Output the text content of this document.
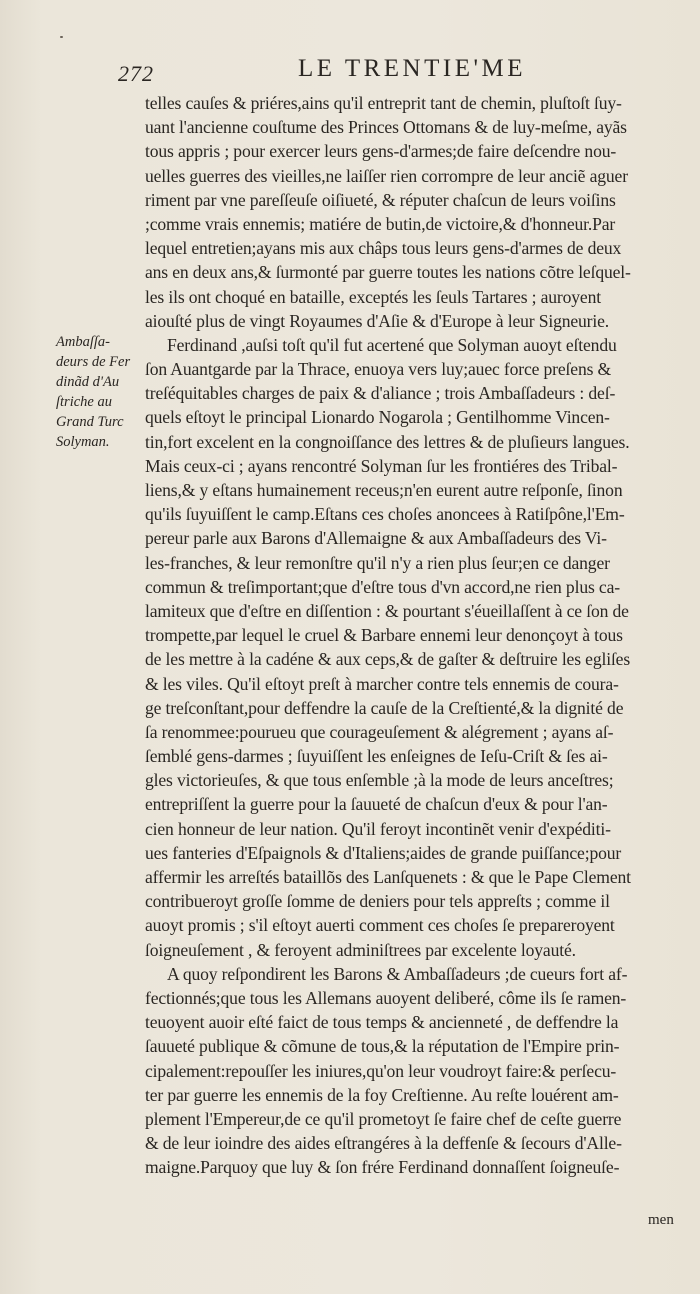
272	LE TRENTIE'ME
Ambaſſa-
deurs de Fer
dinãd d'Au
ſtriche au
Grand Turc
Solyman.
telles cauſes & priéres,ains qu'il entreprit tant de chemin, pluſtoſt ſuy-
uant l'ancienne couſtume des Princes Ottomans & de luy-meſme, ayãs
tous appris ; pour exercer leurs gens-d'armes;de faire deſcendre nou-
uelles guerres des vieilles,ne laiſſer rien corrompre de leur anciẽ aguer
riment par vne pareſſeuſe oiſiueté, & réputer chaſcun de leurs voiſins
;comme vrais ennemis; matiére de butin,de victoire,& d'honneur.Par
lequel entretien;ayans mis aux châps tous leurs gens-d'armes de deux
ans en deux ans,& ſurmonté par guerre toutes les nations cõtre leſquel-
les ils ont choqué en bataille, exceptés les ſeuls Tartares ; auroyent
aiouſté plus de vingt Royaumes d'Aſie & d'Europe à leur Signeurie.
Ferdinand ,auſsi toſt qu'il fut acertené que Solyman auoyt eſtendu
ſon Auantgarde par la Thrace, enuoya vers luy;auec force preſens &
treſéquitables charges de paix & d'aliance ; trois Ambaſſadeurs : deſ-
quels eſtoyt le principal Lionardo Nogarola ; Gentilhomme Vincen-
tin,fort excelent en la congnoiſſance des lettres & de pluſieurs langues.
Mais ceux-ci ; ayans rencontré Solyman ſur les frontiéres des Tribal-
liens,& y eſtans humainement receus;n'en eurent autre reſponſe, ſinon
qu'ils ſuyuiſſent le camp.Eſtans ces choſes anoncees à Ratiſpône,l'Em-
pereur parle aux Barons d'Allemaigne & aux Ambaſſadeurs des Vi-
les-franches, & leur remonſtre qu'il n'y a rien plus ſeur;en ce danger
commun & treſimportant;que d'eſtre tous d'vn accord,ne rien plus ca-
lamiteux que d'eſtre en diſſention : & pourtant s'éueillaſſent à ce ſon de
trompette,par lequel le cruel & Barbare ennemi leur denonçoyt à tous
de les mettre à la cadéne & aux ceps,& de gaſter & deſtruire les egliſes
& les viles. Qu'il eſtoyt preſt à marcher contre tels ennemis de coura-
ge treſconſtant,pour deffendre la cauſe de la Creſtienté,& la dignité de
ſa renommee:pourueu que courageuſement & alégrement ; ayans aſ-
ſemblé gens-darmes ; ſuyuiſſent les enſeignes de Ieſu-Criſt & ſes ai-
gles victorieuſes, & que tous enſemble ;à la mode de leurs anceſtres;
entrepriſſent la guerre pour la ſauueté de chaſcun d'eux & pour l'an-
cien honneur de leur nation. Qu'il feroyt incontinẽt venir d'expéditi-
ues fanteries d'Eſpaignols & d'Italiens;aides de grande puiſſance;pour
affermir les arreſtés bataillõs des Lanſquenets : & que le Pape Clement
contribueroyt groſſe ſomme de deniers pour tels appreſts ; comme il
auoyt promis ; s'il eſtoyt auerti comment ces choſes ſe prepareroyent
ſoigneuſement , & feroyent adminiſtrees par excelente loyauté.
A quoy reſpondirent les Barons & Ambaſſadeurs ;de cueurs fort af-
fectionnés;que tous les Allemans auoyent deliberé, côme ils ſe ramen-
teuoyent auoir eſté faict de tous temps & ancienneté , de deffendre la
ſauueté publique & cõmune de tous,& la réputation de l'Empire prin-
cipalement:repouſſer les iniures,qu'on leur voudroyt faire:& perſecu-
ter par guerre les ennemis de la foy Creſtienne. Au reſte louérent am-
plement l'Empereur,de ce qu'il prometoyt ſe faire chef de ceſte guerre
& de leur ioindre des aides eſtrangéres à la deffenſe & ſecours d'Alle-
maigne.Parquoy que luy & ſon frére Ferdinand donnaſſent ſoigneuſe-
men
